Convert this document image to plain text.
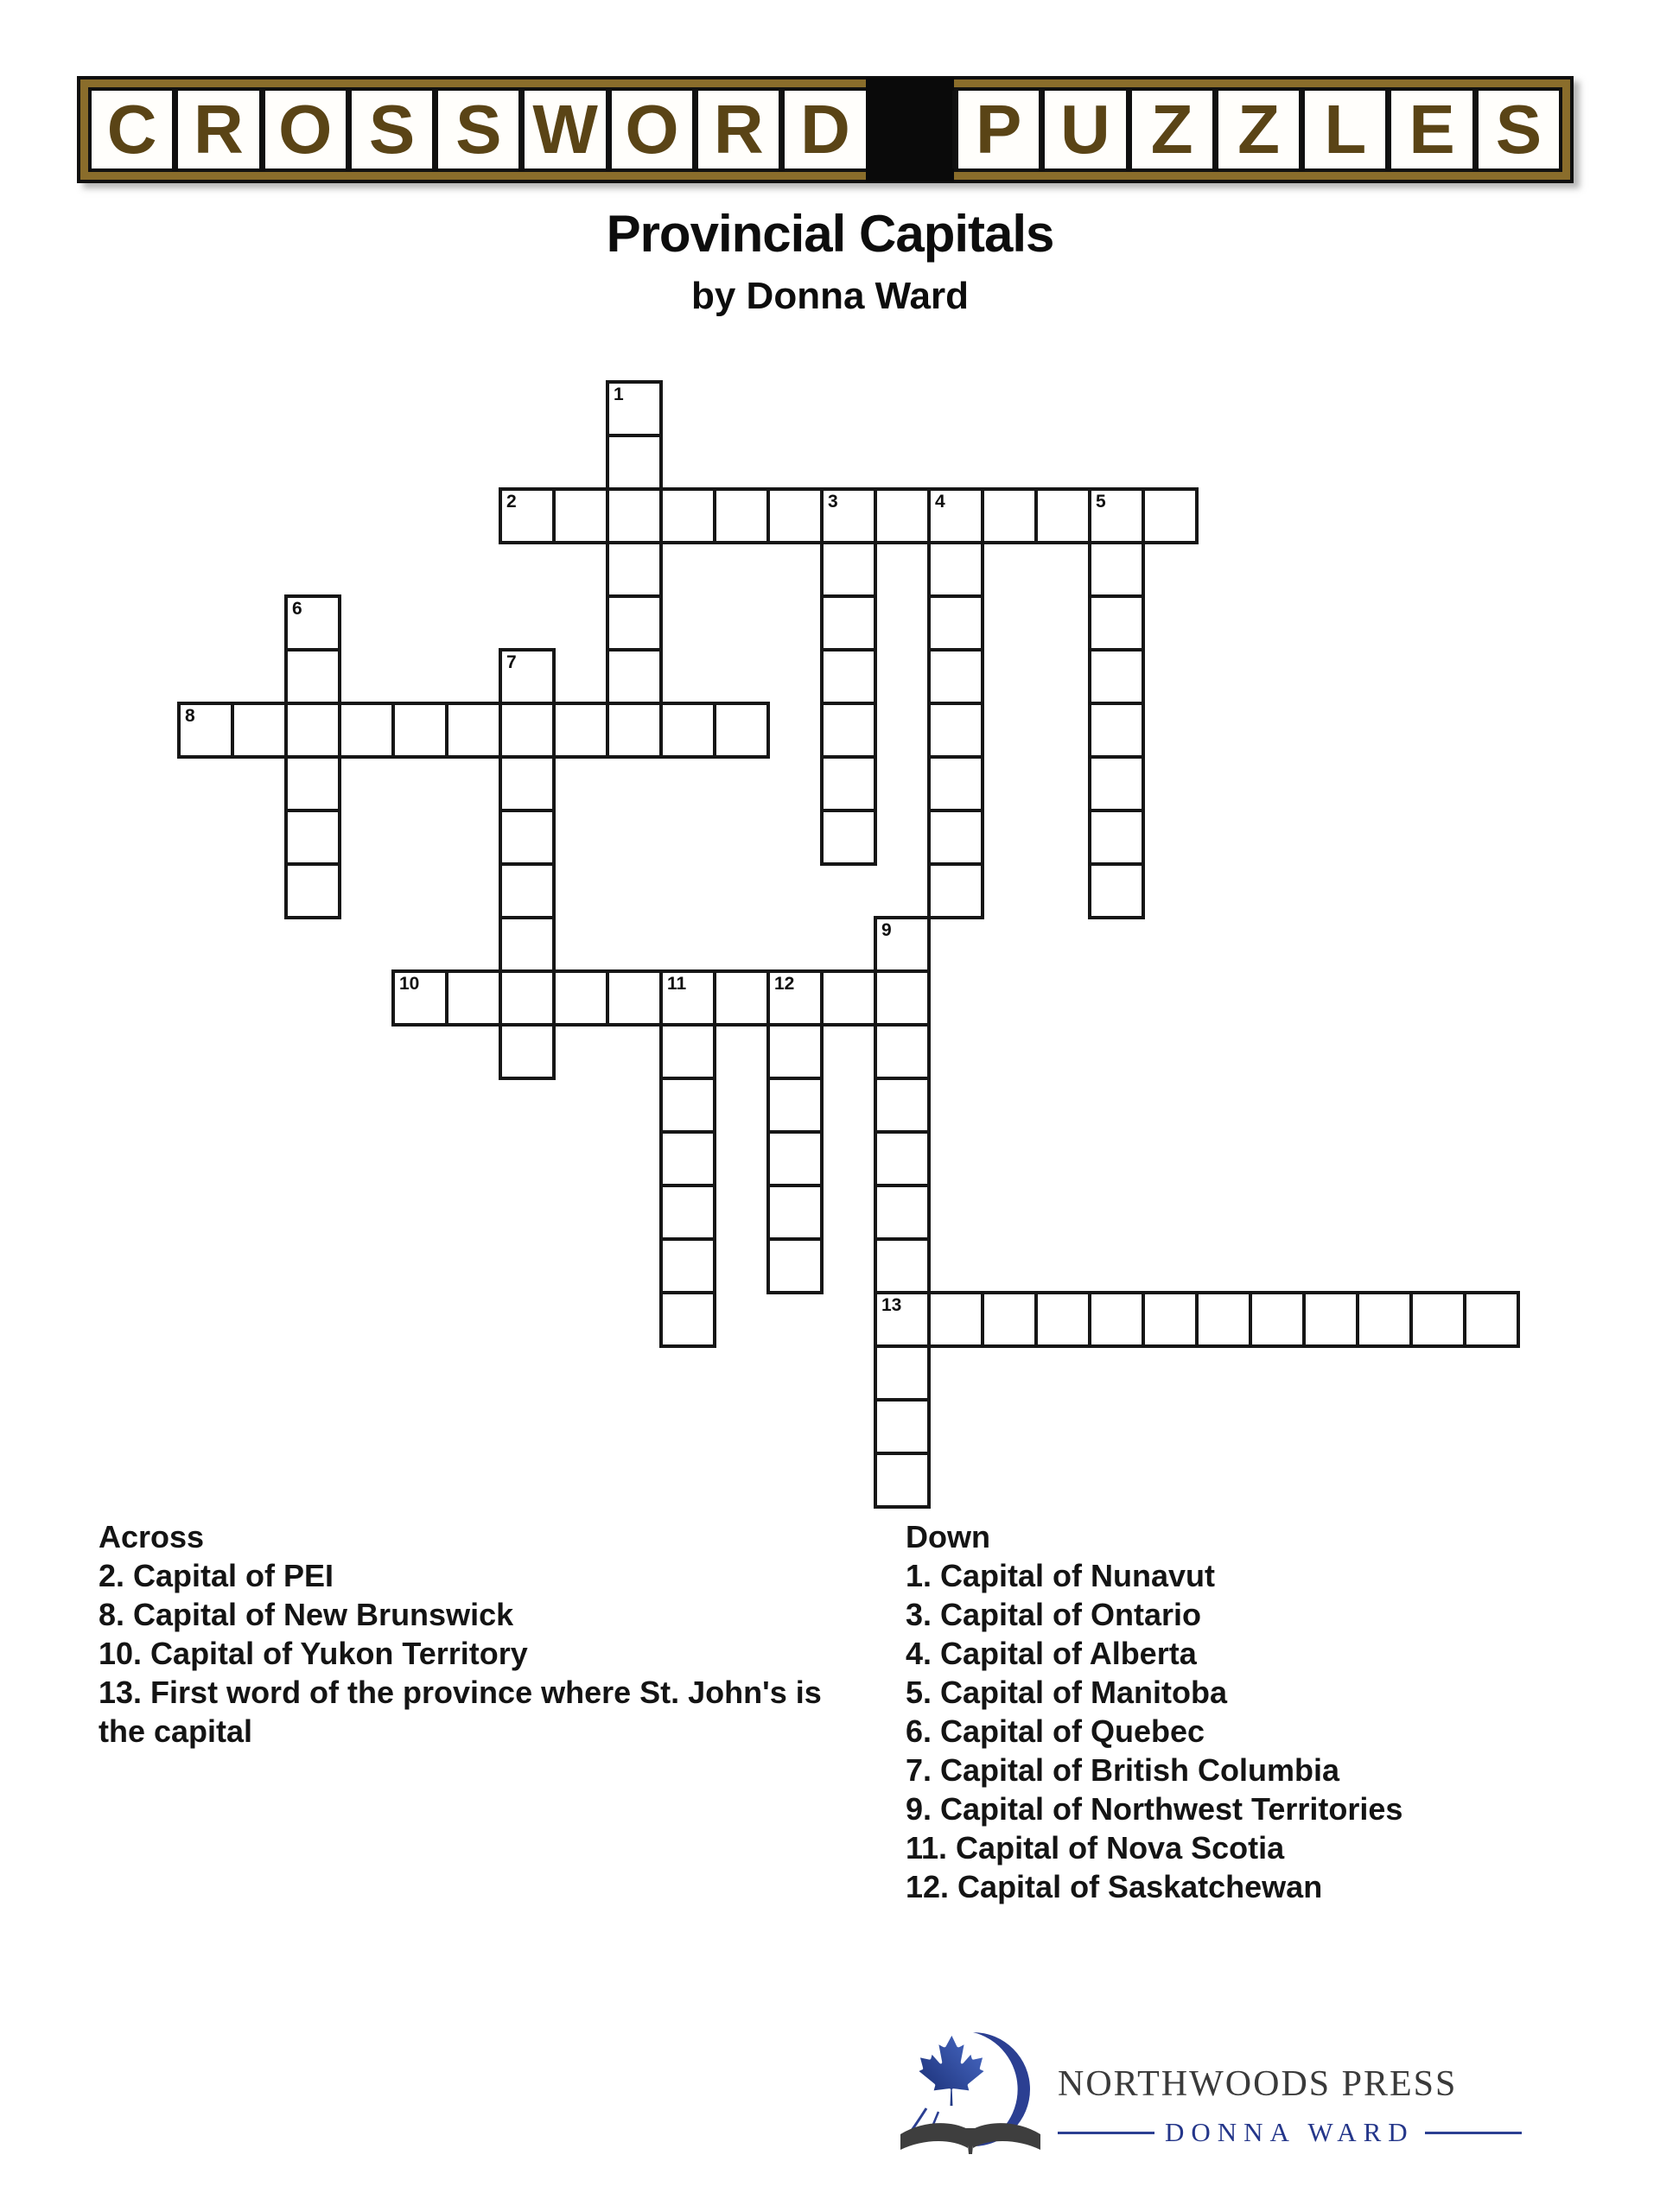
C R O S S W O R D	P U Z Z L E S
Provincial Capitals
by Donna Ward
1
2	3	4	5
6
7
8
9
13
10	11	12
Across
2. Capital of PEI
8. Capital of New Brunswick
10. Capital of Yukon Territory
13. First word of the province where St. John's is the capital
Down
1. Capital of Nunavut
3. Capital of Ontario
4. Capital of Alberta
5. Capital of Manitoba
6. Capital of Quebec
7. Capital of British Columbia
9. Capital of Northwest Territories
11. Capital of Nova Scotia
12. Capital of Saskatchewan
NORTHWOODS PRESS
DONNA WARD
